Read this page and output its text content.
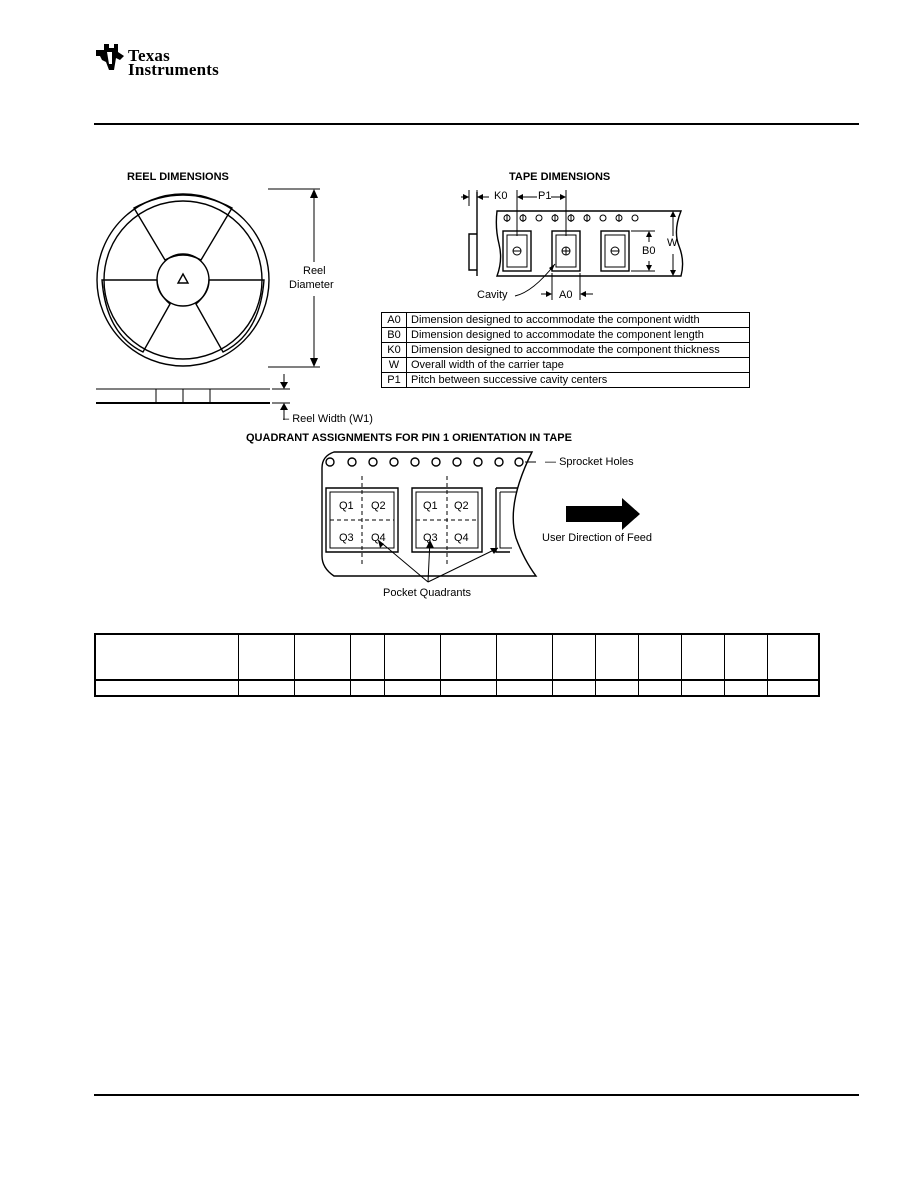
Texas
Instruments
REEL DIMENSIONS
Reel
Diameter
– Reel Width (W1)
TAPE DIMENSIONS
K0	P1
B0
W
A0
Cavity
A0	Dimension designed to accommodate the component width
B0	Dimension designed to accommodate the component length
K0	Dimension designed to accommodate the component thickness
W	Overall width of the carrier tape
P1	Pitch between successive cavity centers
QUADRANT ASSIGNMENTS FOR PIN 1 ORIENTATION IN TAPE
Q1 Q2
Q3 Q4
Q1 Q2
Q3 Q4
— Sprocket Holes
User Direction of Feed
Pocket Quadrants
